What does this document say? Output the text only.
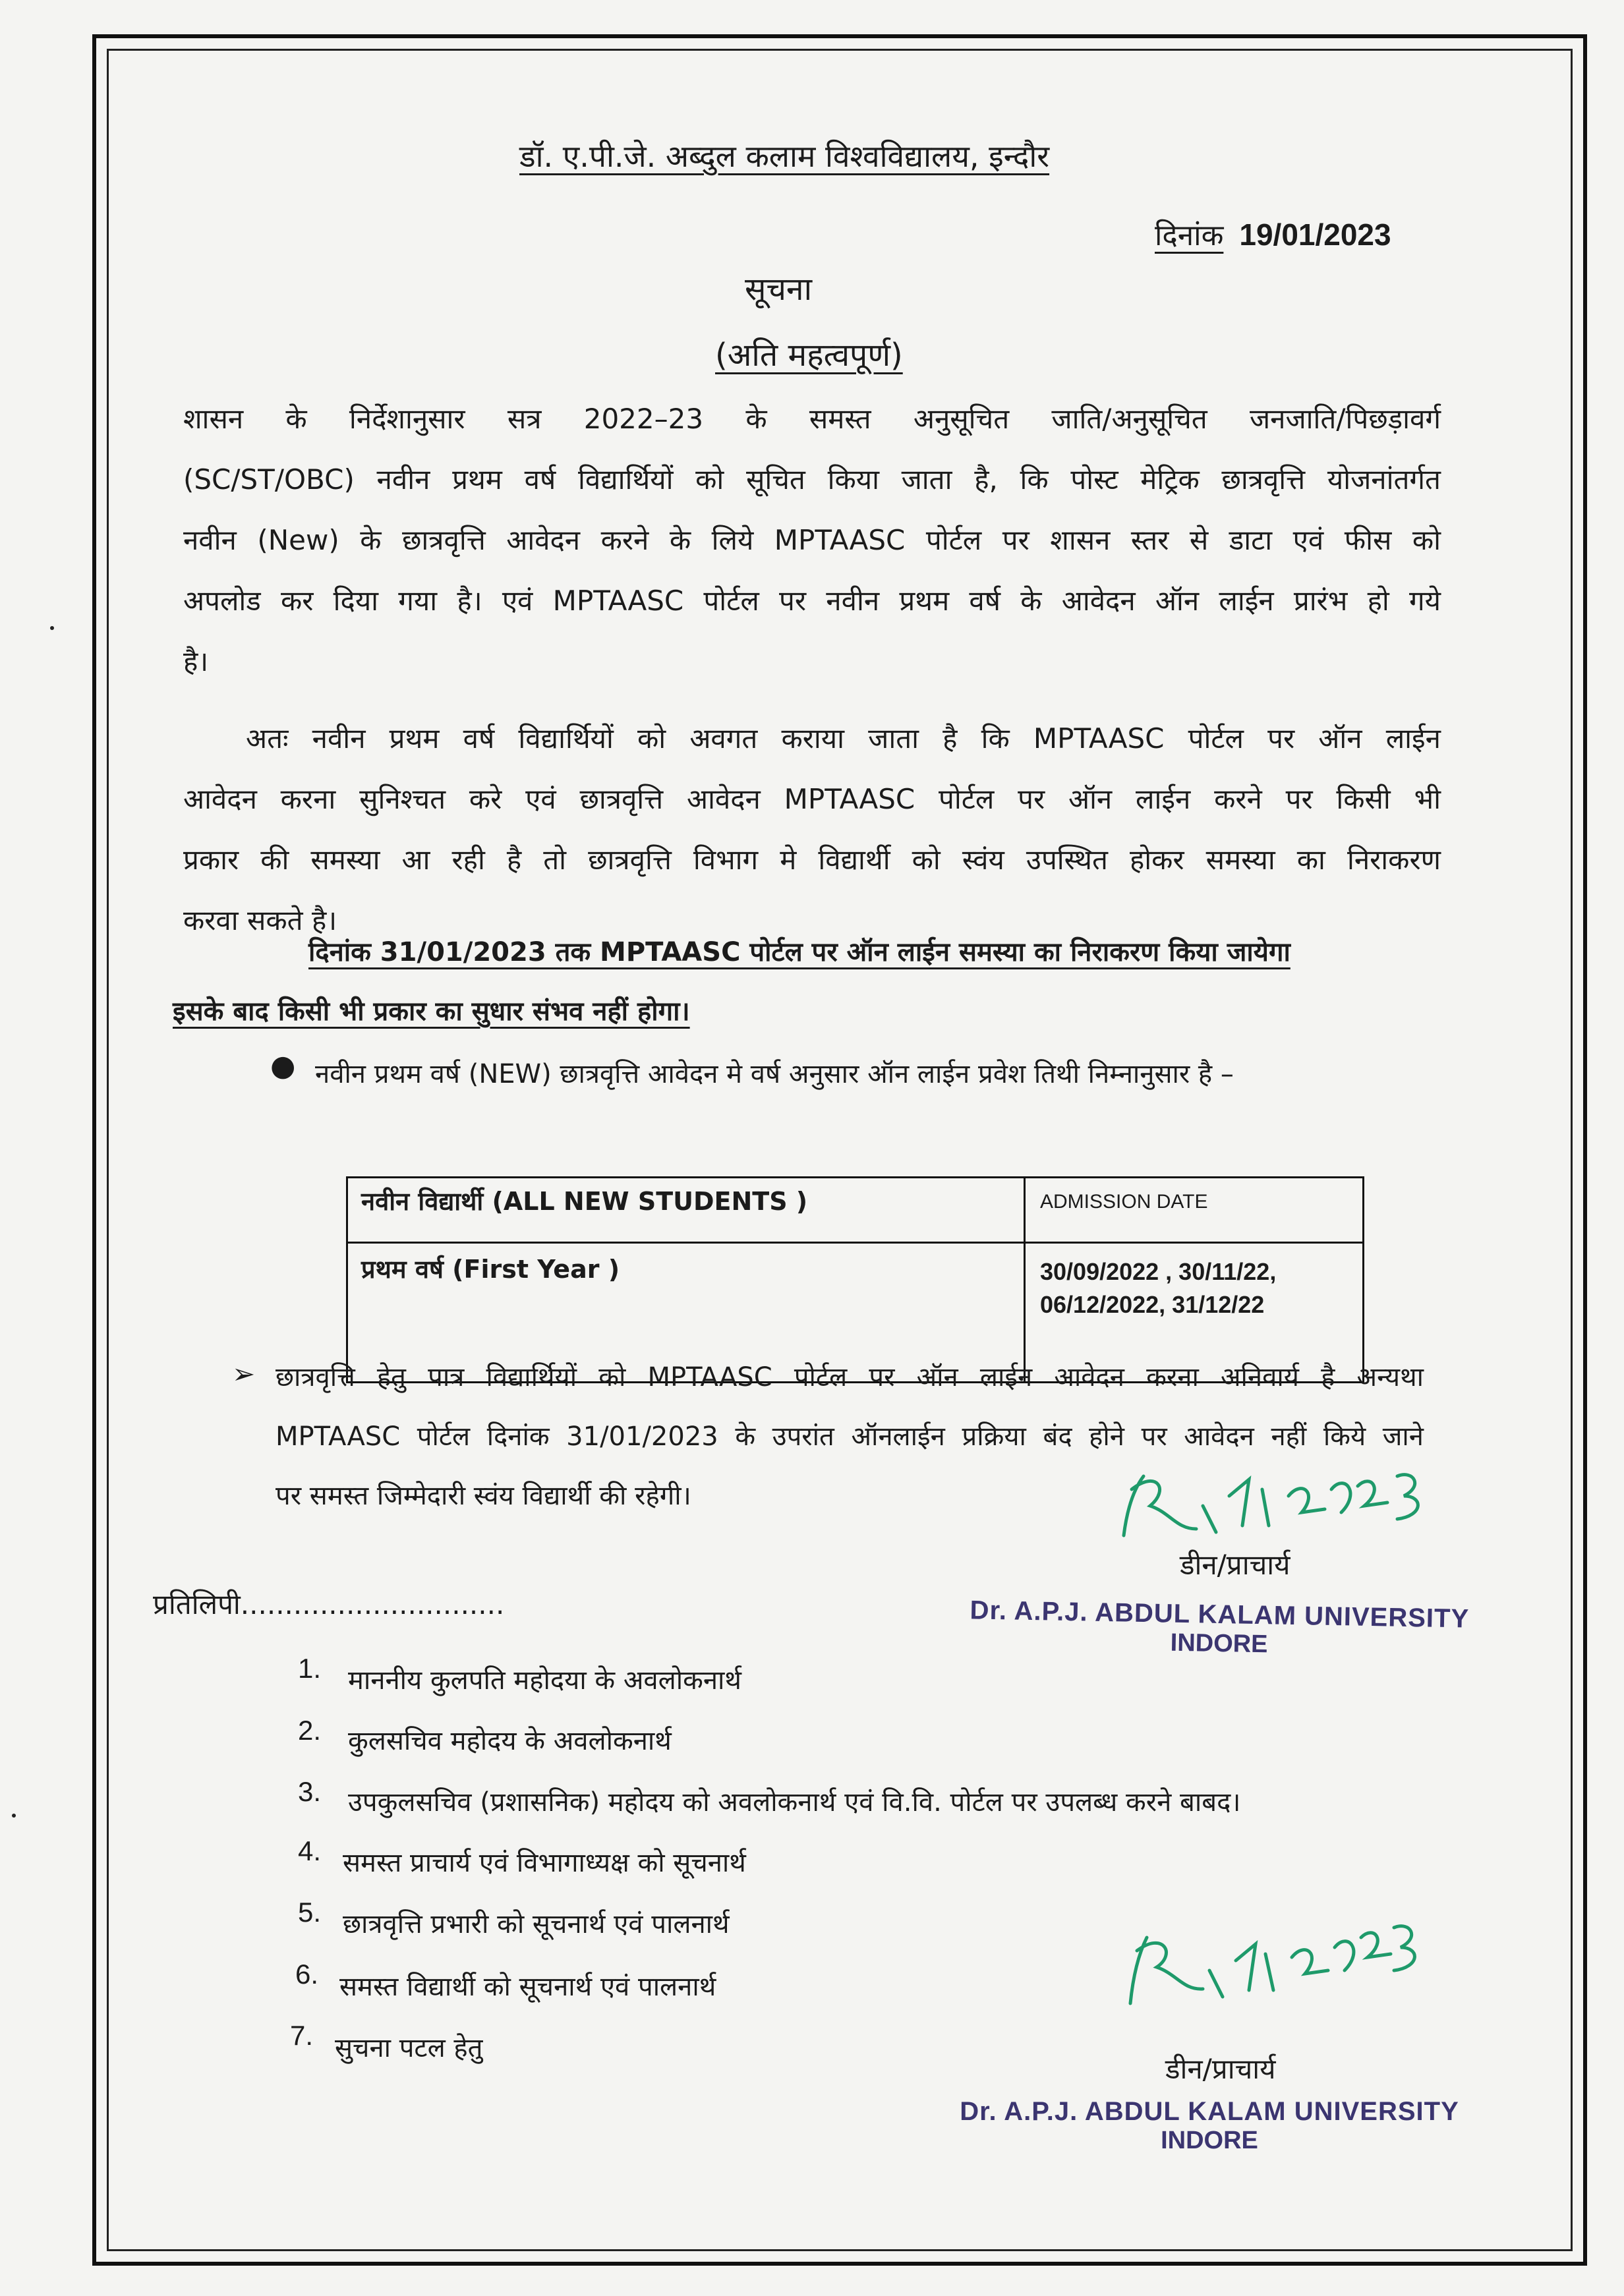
डॉ. ए.पी.जे. अब्दुल कलाम विश्वविद्यालय, इन्दौर
दिनांक 19/01/2023
सूचना
(अति महत्वपूर्ण)
शासन के निर्देशानुसार सत्र 2022–23 के समस्त अनुसूचित जाति/अनुसूचित जनजाति/पिछड़ावर्ग
(SC/ST/OBC) नवीन प्रथम वर्ष विद्यार्थियों को सूचित किया जाता है, कि पोस्ट मेट्रिक छात्रवृत्ति योजनांतर्गत
नवीन (New) के छात्रवृत्ति आवेदन करने के लिये MPTAASC पोर्टल पर शासन स्तर से डाटा एवं फीस को
अपलोड कर दिया गया है। एवं MPTAASC पोर्टल पर नवीन प्रथम वर्ष के आवेदन ऑन लाईन प्रारंभ हो गये
है।
अतः नवीन प्रथम वर्ष विद्यार्थियों को अवगत कराया जाता है कि MPTAASC पोर्टल पर ऑन लाईन
आवेदन करना सुनिश्चत करे एवं छात्रवृत्ति आवेदन MPTAASC पोर्टल पर ऑन लाईन करने पर किसी भी
प्रकार की समस्या आ रही है तो छात्रवृत्ति विभाग मे विद्यार्थी को स्वंय उपस्थित होकर समस्या का निराकरण
करवा सकते है।
दिनांक 31/01/2023 तक MPTAASC पोर्टल पर ऑन लाईन समस्या का निराकरण किया जायेगा
इसके बाद किसी भी प्रकार का सुधार संभव नहीं होगा।
● नवीन प्रथम वर्ष (NEW) छात्रवृत्ति आवेदन मे वर्ष अनुसार ऑन लाईन प्रवेश तिथी निम्नानुसार है –
नवीन विद्यार्थी (ALL NEW STUDENTS )	ADMISSION DATE
प्रथम वर्ष (First Year )	30/09/2022 , 30/11/22,
06/12/2022, 31/12/22
➢ छात्रवृत्ति हेतु पात्र विद्यार्थियों को MPTAASC पोर्टल पर ऑन लाईन आवेदन करना अनिवार्य है अन्यथा
MPTAASC पोर्टल दिनांक 31/01/2023 के उपरांत ऑनलाईन प्रक्रिया बंद होने पर आवेदन नहीं किये जाने
पर समस्त जिम्मेदारी स्वंय विद्यार्थी की रहेगी।
डीन/प्राचार्य
Dr. A.P.J. ABDUL KALAM UNIVERSITY
INDORE
प्रतिलिपी..............................
1. माननीय कुलपति महोदया के अवलोकनार्थ
2. कुलसचिव महोदय के अवलोकनार्थ
3. उपकुलसचिव (प्रशासनिक) महोदय को अवलोकनार्थ एवं वि.वि. पोर्टल पर उपलब्ध करने बाबद।
4. समस्त प्राचार्य एवं विभागाध्यक्ष को सूचनार्थ
5. छात्रवृत्ति प्रभारी को सूचनार्थ एवं पालनार्थ
6. समस्त विद्यार्थी को सूचनार्थ एवं पालनार्थ
7. सुचना पटल हेतु
डीन/प्राचार्य
Dr. A.P.J. ABDUL KALAM UNIVERSITY
INDORE
